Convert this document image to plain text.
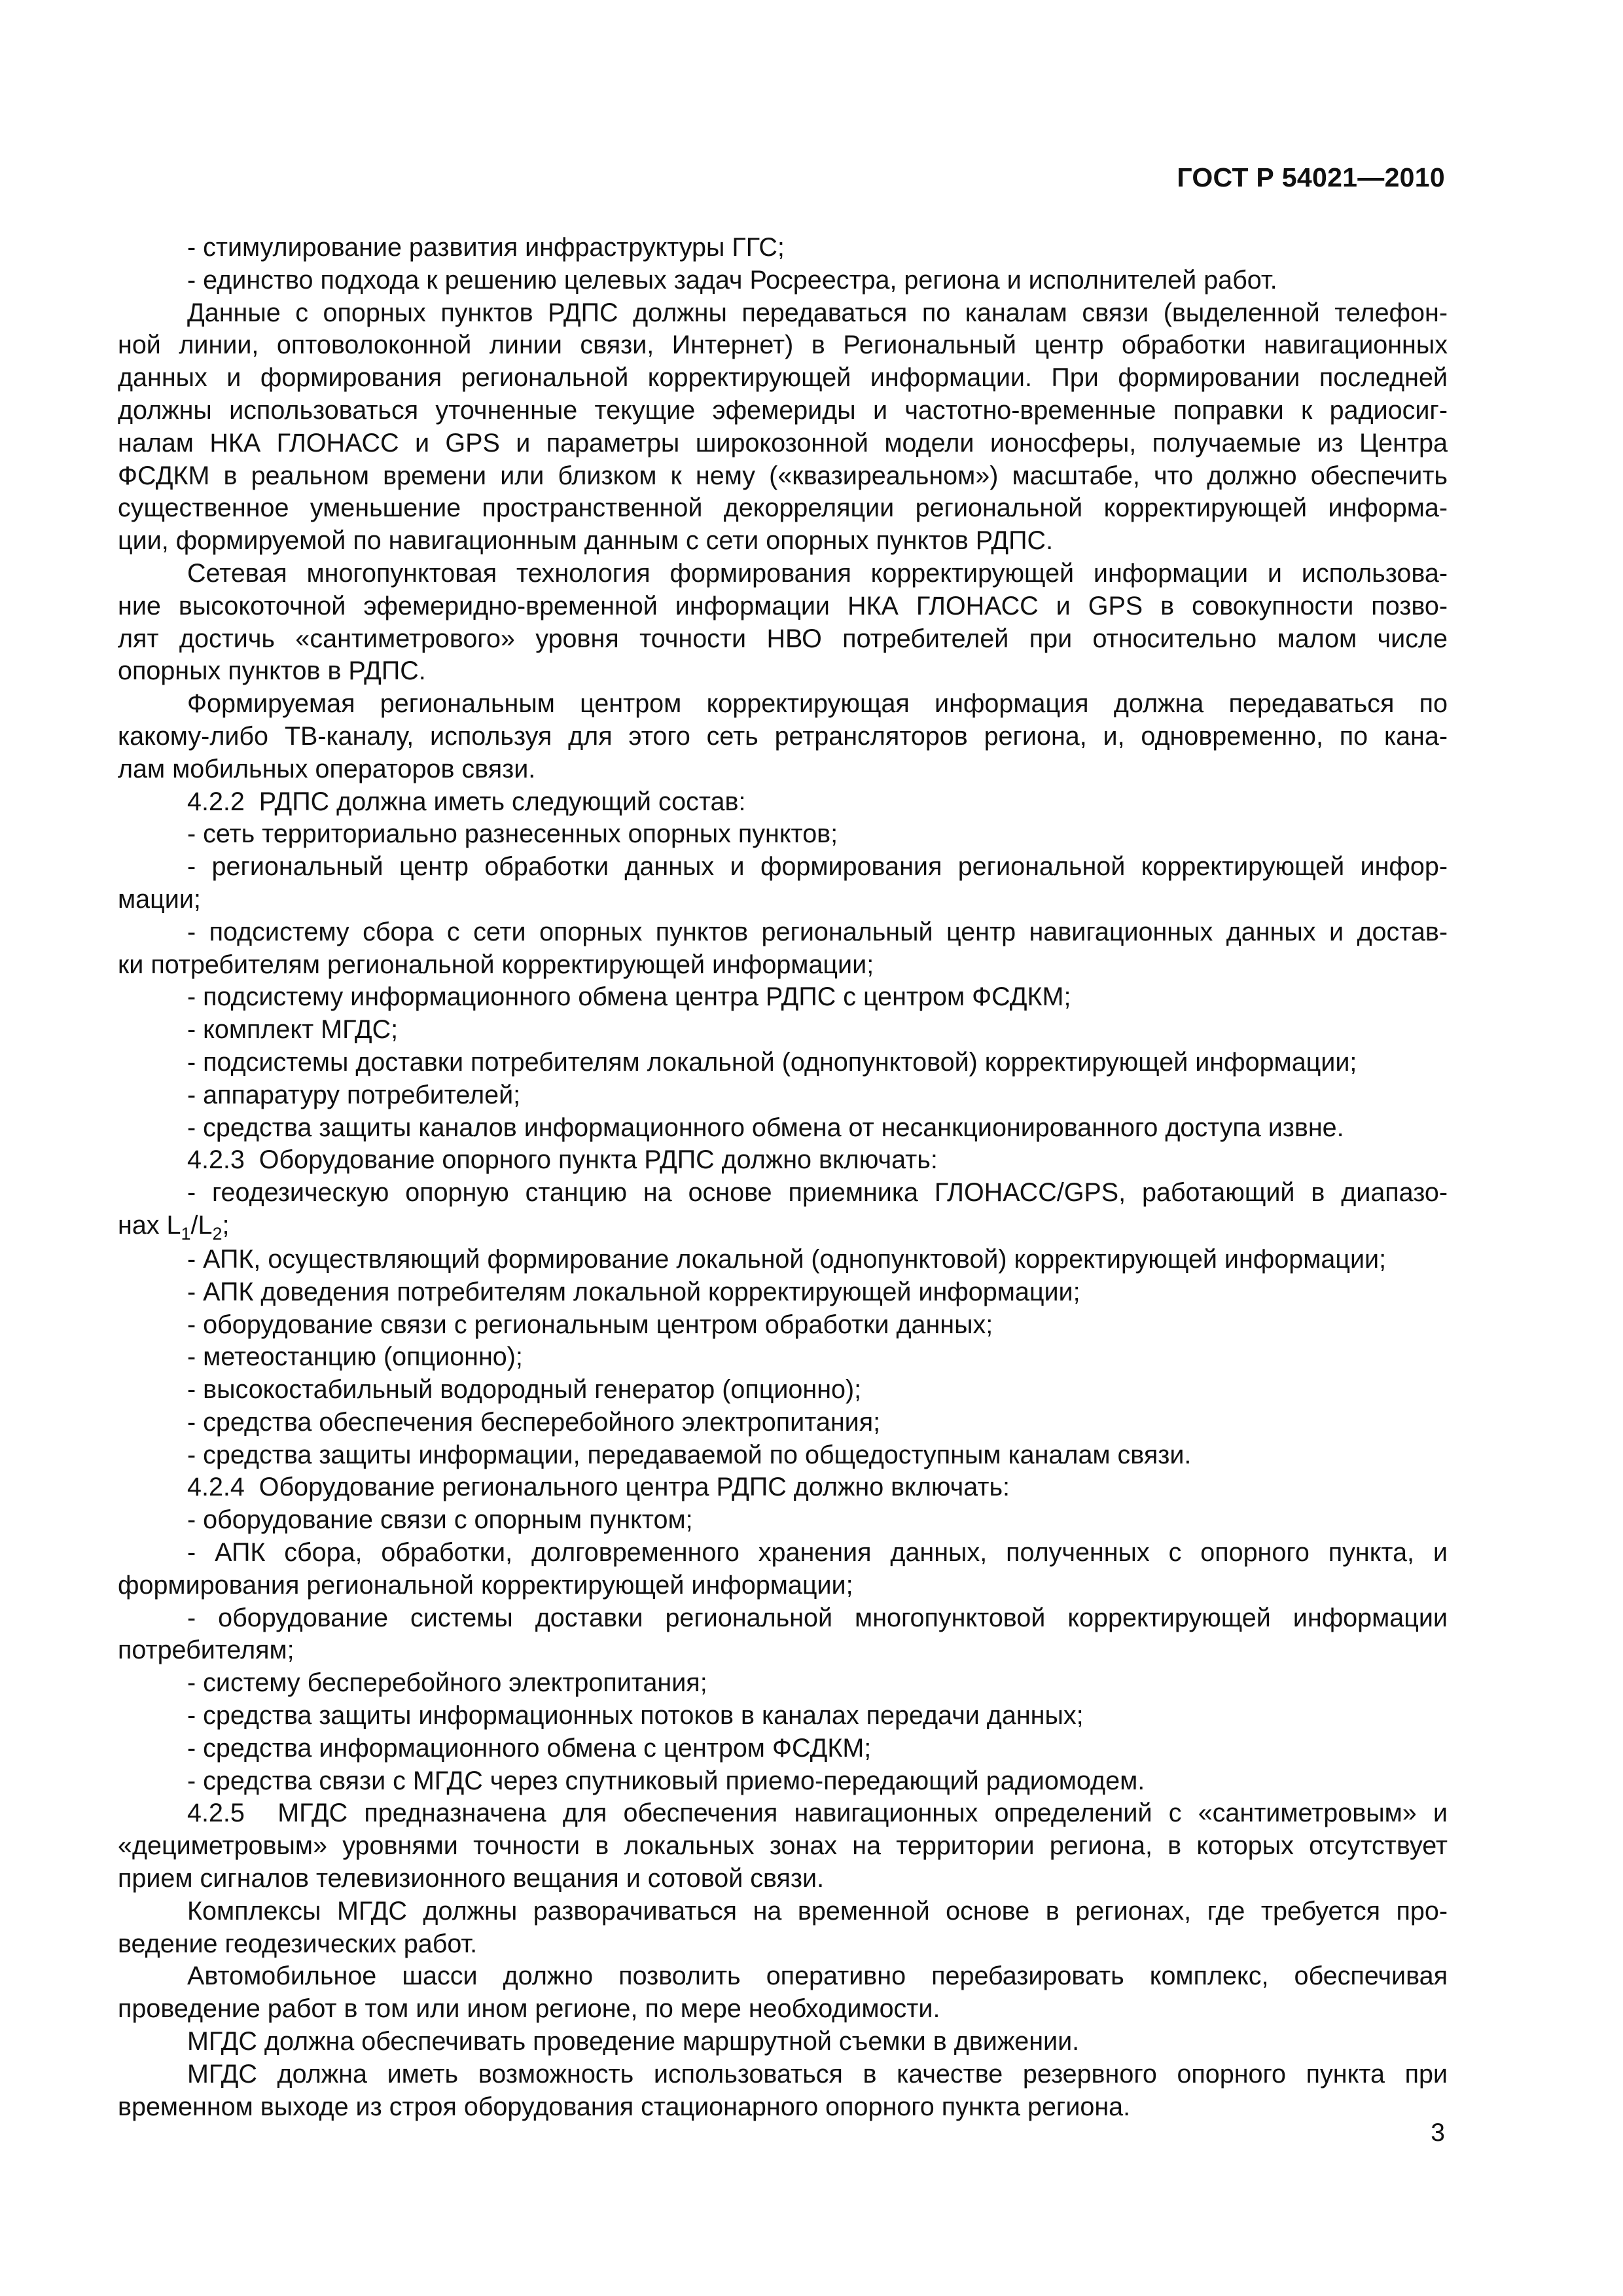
ГОСТ Р 54021—2010
- стимулирование развития инфраструктуры ГГС;
- единство подхода к решению целевых задач Росреестра, региона и исполнителей работ.
Данные с опорных пунктов РДПС должны передаваться по каналам связи (выделенной телефон-
ной линии, оптоволоконной линии связи, Интернет) в Региональный центр обработки навигационных
данных и формирования региональной корректирующей информации. При формировании последней
должны использоваться уточненные текущие эфемериды и частотно-временные поправки к радиосиг-
налам НКА ГЛОНАСС и GPS и параметры широкозонной модели ионосферы, получаемые из Центра
ФСДКМ в реальном времени или близком к нему («квазиреальном») масштабе, что должно обеспечить
существенное уменьшение пространственной декорреляции региональной корректирующей информа-
ции, формируемой по навигационным данным с сети опорных пунктов РДПС.
Сетевая многопунктовая технология формирования корректирующей информации и использова-
ние высокоточной эфемеридно-временной информации НКА ГЛОНАСС и GPS в совокупности позво-
лят достичь «сантиметрового» уровня точности НВО потребителей при относительно малом числе
опорных пунктов в РДПС.
Формируемая региональным центром корректирующая информация должна передаваться по
какому-либо ТВ-каналу, используя для этого сеть ретрансляторов региона, и, одновременно, по кана-
лам мобильных операторов связи.
4.2.2  РДПС должна иметь следующий состав:
- сеть территориально разнесенных опорных пунктов;
- региональный центр обработки данных и формирования региональной корректирующей инфор-
мации;
- подсистему сбора с сети опорных пунктов региональный центр навигационных данных и достав-
ки потребителям региональной корректирующей информации;
- подсистему информационного обмена центра РДПС с центром ФСДКМ;
- комплект МГДС;
- подсистемы доставки потребителям локальной (однопунктовой) корректирующей информации;
- аппаратуру потребителей;
- средства защиты каналов информационного обмена от несанкционированного доступа извне.
4.2.3  Оборудование опорного пункта РДПС должно включать:
- геодезическую опорную станцию на основе приемника ГЛОНАСС/GPS, работающий в диапазо-
нах $L_1/L_2$;
- АПК, осуществляющий формирование локальной (однопунктовой) корректирующей информации;
- АПК доведения потребителям локальной корректирующей информации;
- оборудование связи с региональным центром обработки данных;
- метеостанцию (опционно);
- высокостабильный водородный генератор (опционно);
- средства обеспечения бесперебойного электропитания;
- средства защиты информации, передаваемой по общедоступным каналам связи.
4.2.4  Оборудование регионального центра РДПС должно включать:
- оборудование связи с опорным пунктом;
- АПК сбора, обработки, долговременного хранения данных, полученных с опорного пункта, и
формирования региональной корректирующей информации;
- оборудование системы доставки региональной многопунктовой корректирующей информации
потребителям;
- систему бесперебойного электропитания;
- средства защиты информационных потоков в каналах передачи данных;
- средства информационного обмена с центром ФСДКМ;
- средства связи с МГДС через спутниковый приемо-передающий радиомодем.
4.2.5  МГДС предназначена для обеспечения навигационных определений с «сантиметровым» и
«дециметровым» уровнями точности в локальных зонах на территории региона, в которых отсутствует
прием сигналов телевизионного вещания и сотовой связи.
Комплексы МГДС должны разворачиваться на временной основе в регионах, где требуется про-
ведение геодезических работ.
Автомобильное шасси должно позволить оперативно перебазировать комплекс, обеспечивая
проведение работ в том или ином регионе, по мере необходимости.
МГДС должна обеспечивать проведение маршрутной съемки в движении.
МГДС должна иметь возможность использоваться в качестве резервного опорного пункта при
временном выходе из строя оборудования стационарного опорного пункта региона.
3
